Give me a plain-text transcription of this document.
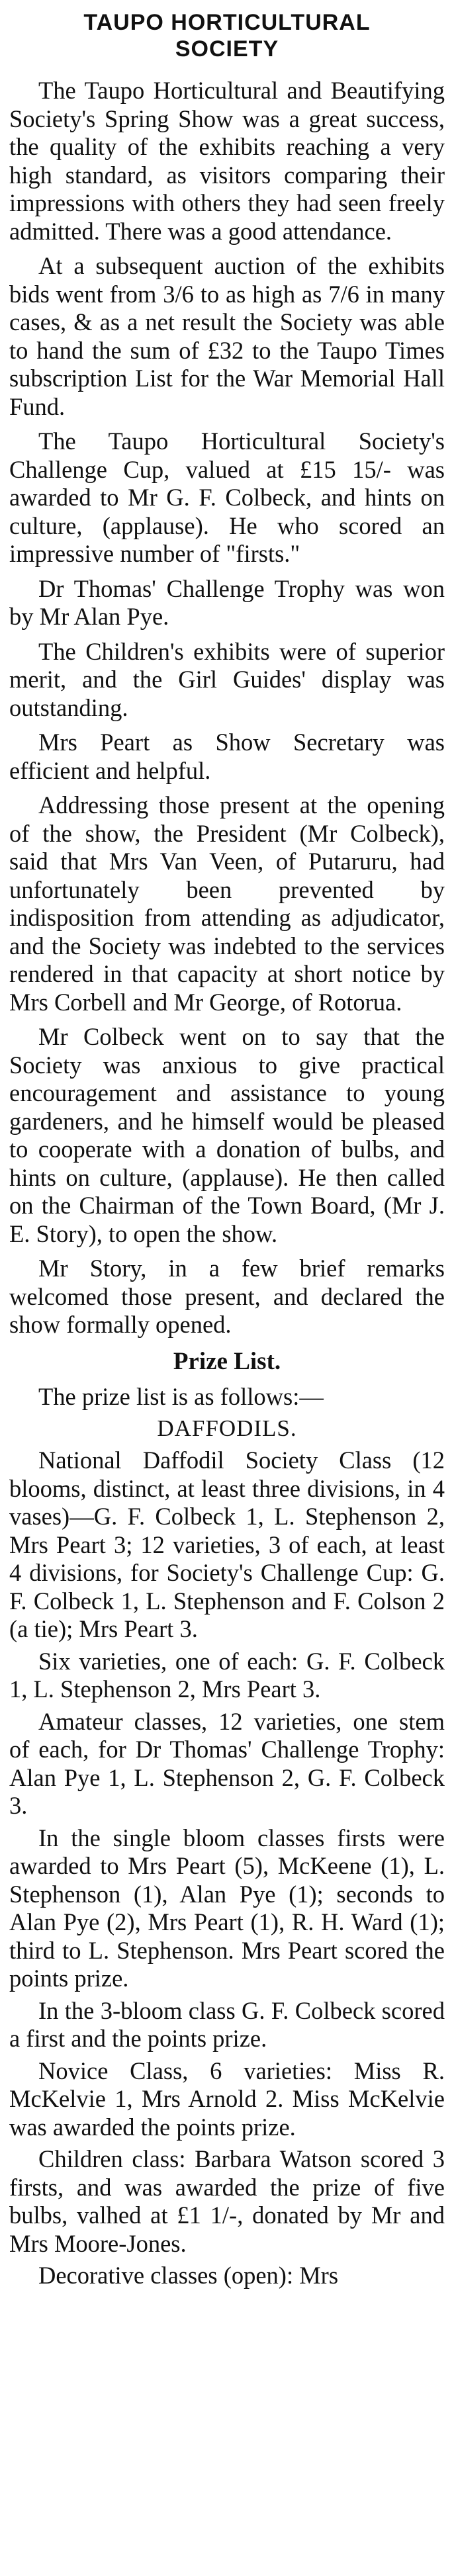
TAUPO HORTICULTURAL
SOCIETY

The Taupo Horticultural and Beautifying Society's Spring Show was a great success, the quality of the exhibits reaching a very high standard, as visitors comparing their impressions with others they had seen freely admitted. There was a good attendance.

At a subsequent auction of the exhibits bids went from 3/6 to as high as 7/6 in many cases, & as a net result the Society was able to hand the sum of £32 to the Taupo Times subscription List for the War Memorial Hall Fund.

The Taupo Horticultural Society's Challenge Cup, valued at £15 15/- was awarded to Mr G. F. Colbeck, and hints on culture, (applause). He who scored an impressive number of "firsts."

Dr Thomas' Challenge Trophy was won by Mr Alan Pye.

The Children's exhibits were of superior merit, and the Girl Guides' display was outstanding.

Mrs Peart as Show Secretary was efficient and helpful.

Addressing those present at the opening of the show, the President (Mr Colbeck), said that Mrs Van Veen, of Putaruru, had unfortunately been prevented by indisposition from attending as adjudicator, and the Society was indebted to the services rendered in that capacity at short notice by Mrs Corbell and Mr George, of Rotorua.

Mr Colbeck went on to say that the Society was anxious to give practical encouragement and assistance to young gardeners, and he himself would be pleased to cooperate with a donation of bulbs, and hints on culture, (applause). He then called on the Chairman of the Town Board, (Mr J. E. Story), to open the show.

Mr Story, in a few brief remarks welcomed those present, and declared the show formally opened.

Prize List.

The prize list is as follows:—

DAFFODILS.

National Daffodil Society Class (12 blooms, distinct, at least three divisions, in 4 vases)—G. F. Colbeck 1, L. Stephenson 2, Mrs Peart 3; 12 varieties, 3 of each, at least 4 divisions, for Society's Challenge Cup: G. F. Colbeck 1, L. Stephenson and F. Colson 2 (a tie); Mrs Peart 3.

Six varieties, one of each: G. F. Colbeck 1, L. Stephenson 2, Mrs Peart 3.

Amateur classes, 12 varieties, one stem of each, for Dr Thomas' Challenge Trophy: Alan Pye 1, L. Stephenson 2, G. F. Colbeck 3.

In the single bloom classes firsts were awarded to Mrs Peart (5), McKeene (1), L. Stephenson (1), Alan Pye (1); seconds to Alan Pye (2), Mrs Peart (1), R. H. Ward (1); third to L. Stephenson. Mrs Peart scored the points prize.

In the 3-bloom class G. F. Colbeck scored a first and the points prize.

Novice Class, 6 varieties: Miss R. McKelvie 1, Mrs Arnold 2. Miss McKelvie was awarded the points prize.

Children class: Barbara Watson scored 3 firsts, and was awarded the prize of five bulbs, valhed at £1 1/-, donated by Mr and Mrs Moore-Jones.

Decorative classes (open): Mrs
